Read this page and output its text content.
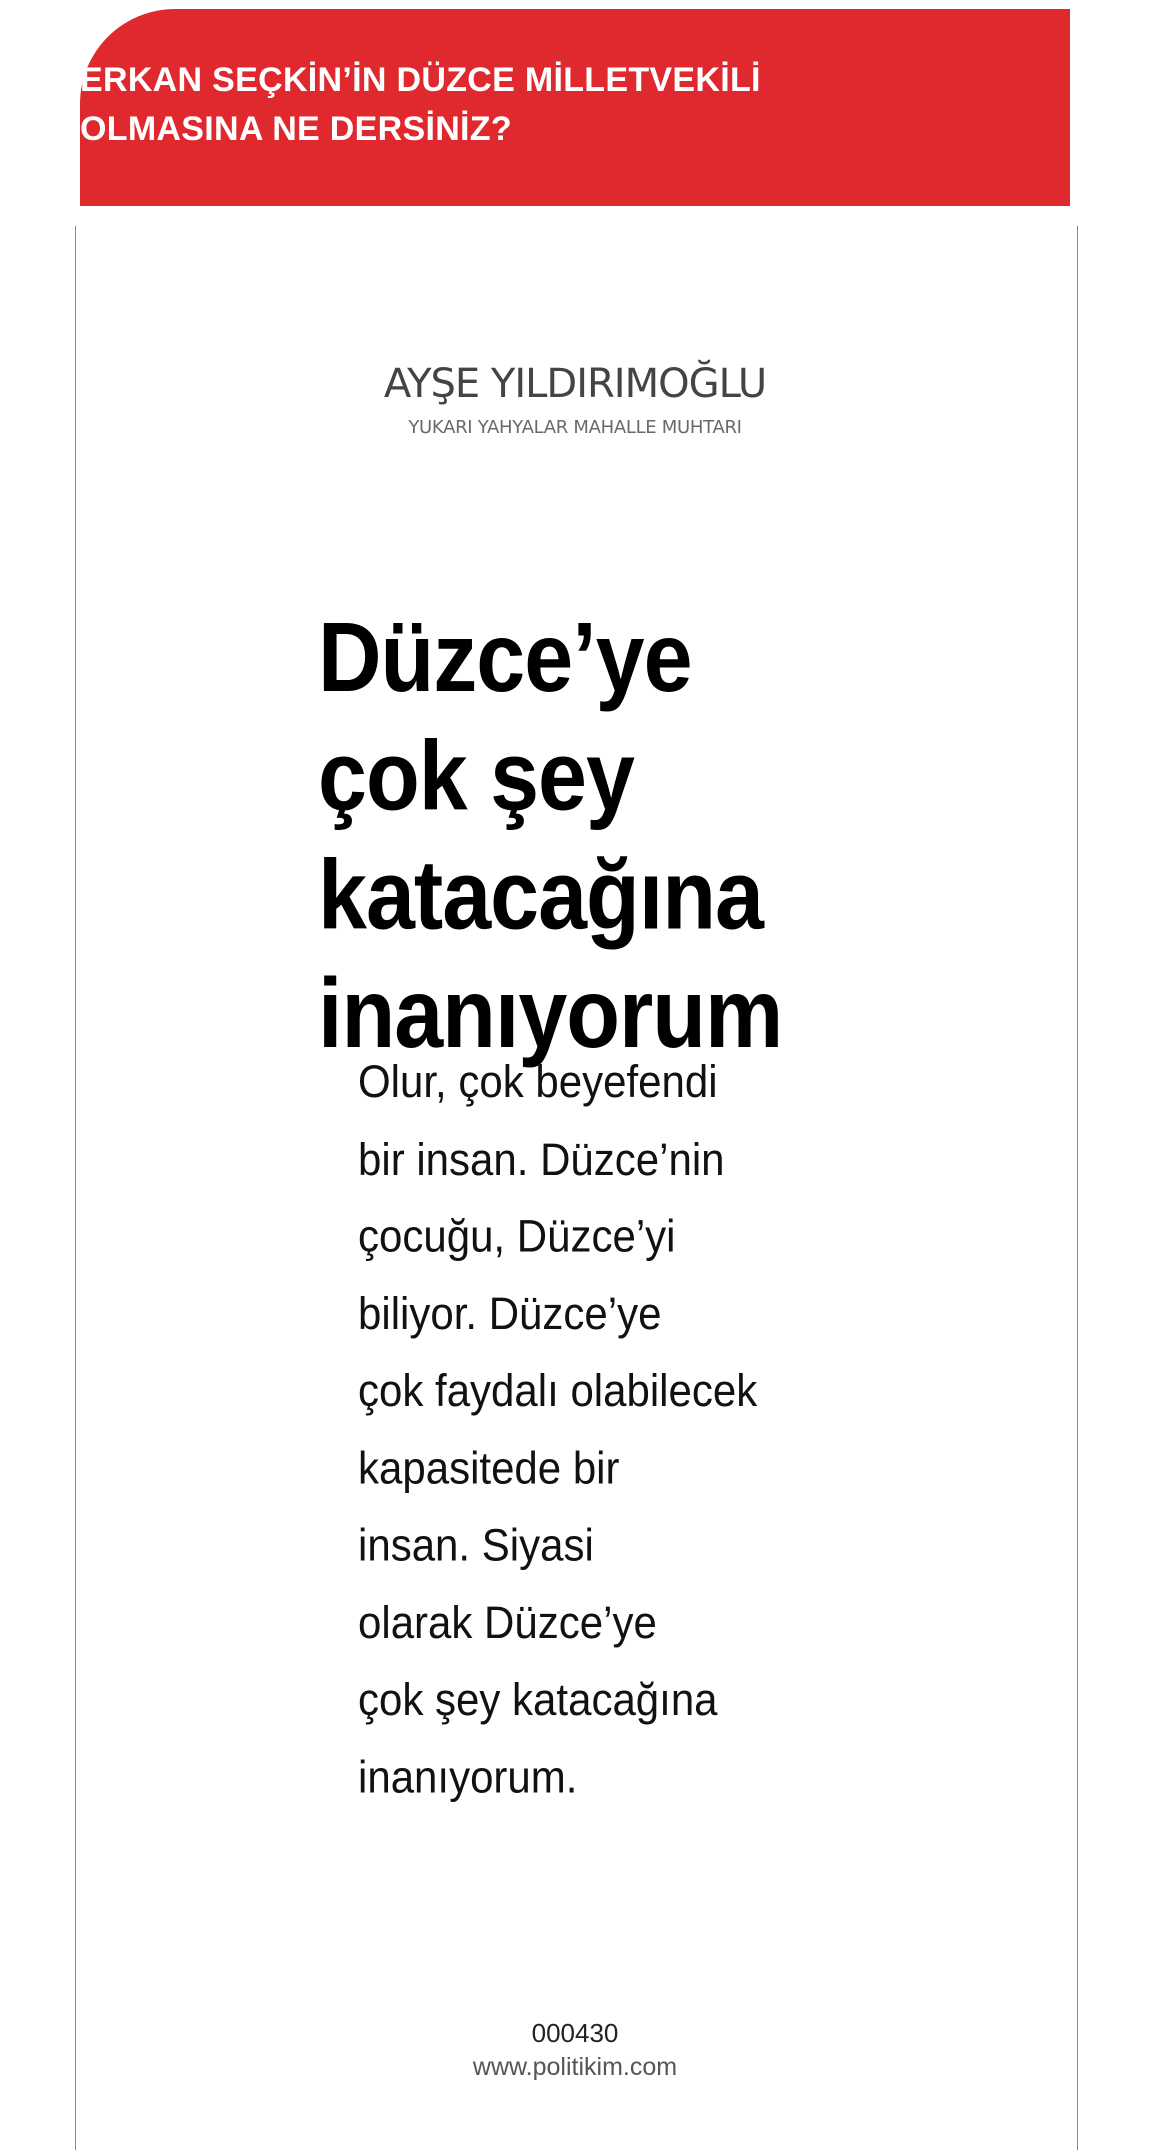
ERKAN SEÇKİN’İN DÜZCE MİLLETVEKİLİ
OLMASINA NE DERSİNİZ?
AYŞE YILDIRIMOĞLU
YUKARI YAHYALAR MAHALLE MUHTARI
Düzce’ye
çok şey
katacağına
inanıyorum

Olur, çok beyefendi
bir insan. Düzce’nin
çocuğu, Düzce’yi
biliyor. Düzce’ye
çok faydalı olabilecek
kapasitede bir
insan. Siyasi
olarak Düzce’ye
çok şey katacağına
inanıyorum.

000430
www.politikim.com
